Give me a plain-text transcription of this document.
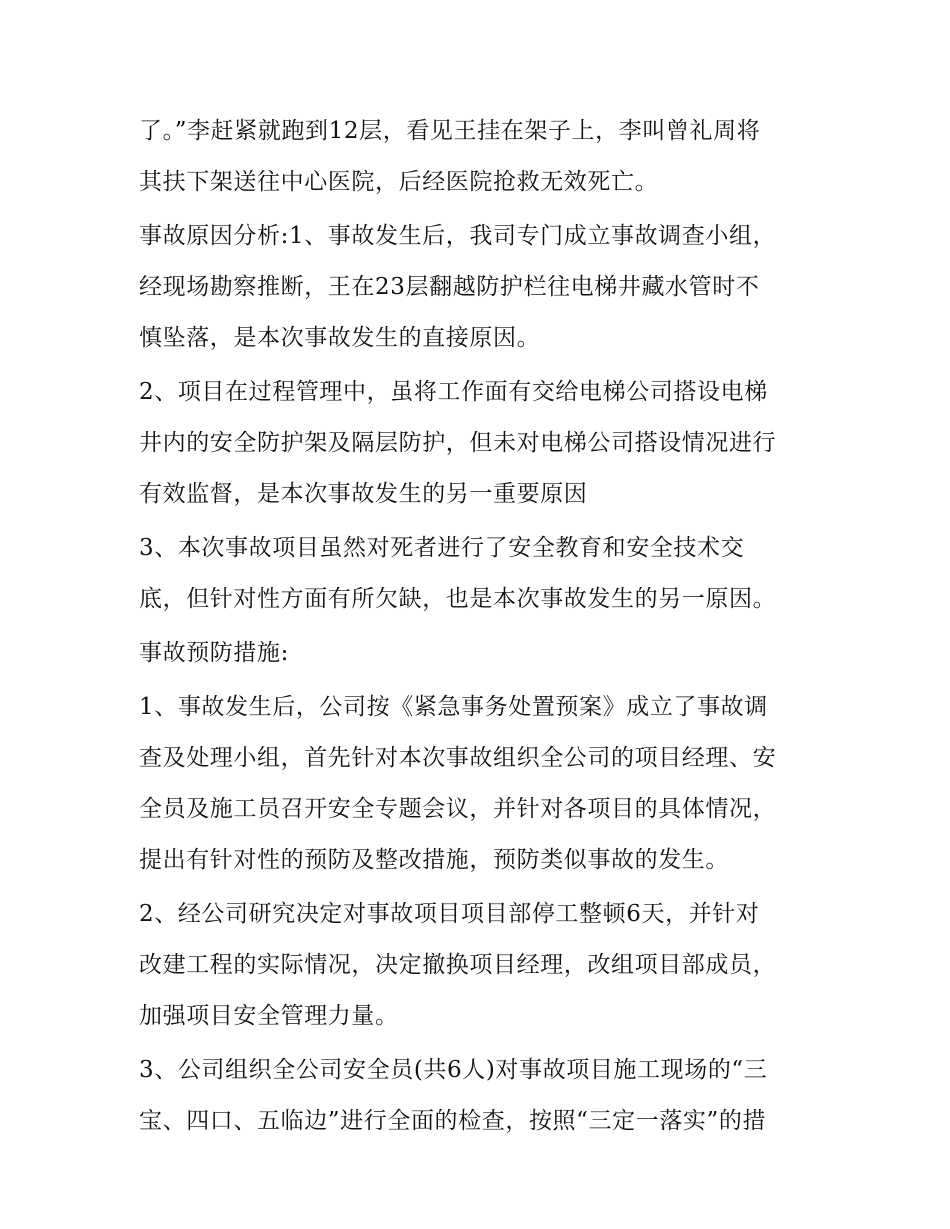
了。”李赶紧就跑到12层，看见王挂在架子上，李叫曾礼周将
其扶下架送往中心医院，后经医院抢救无效死亡。
事故原因分析:1、事故发生后，我司专门成立事故调查小组，
经现场勘察推断，王在23层翻越防护栏往电梯井藏水管时不
慎坠落，是本次事故发生的直接原因。
2、项目在过程管理中，虽将工作面有交给电梯公司搭设电梯
井内的安全防护架及隔层防护，但未对电梯公司搭设情况进行
有效监督，是本次事故发生的另一重要原因
3、本次事故项目虽然对死者进行了安全教育和安全技术交
底，但针对性方面有所欠缺，也是本次事故发生的另一原因。
事故预防措施:
1、事故发生后，公司按《紧急事务处置预案》成立了事故调
查及处理小组，首先针对本次事故组织全公司的项目经理、安
全员及施工员召开安全专题会议，并针对各项目的具体情况，
提出有针对性的预防及整改措施，预防类似事故的发生。
2、经公司研究决定对事故项目项目部停工整顿6天，并针对
改建工程的实际情况，决定撤换项目经理，改组项目部成员，
加强项目安全管理力量。
3、公司组织全公司安全员(共6人)对事故项目施工现场的“三
宝、四口、五临边”进行全面的检查，按照“三定一落实”的措
